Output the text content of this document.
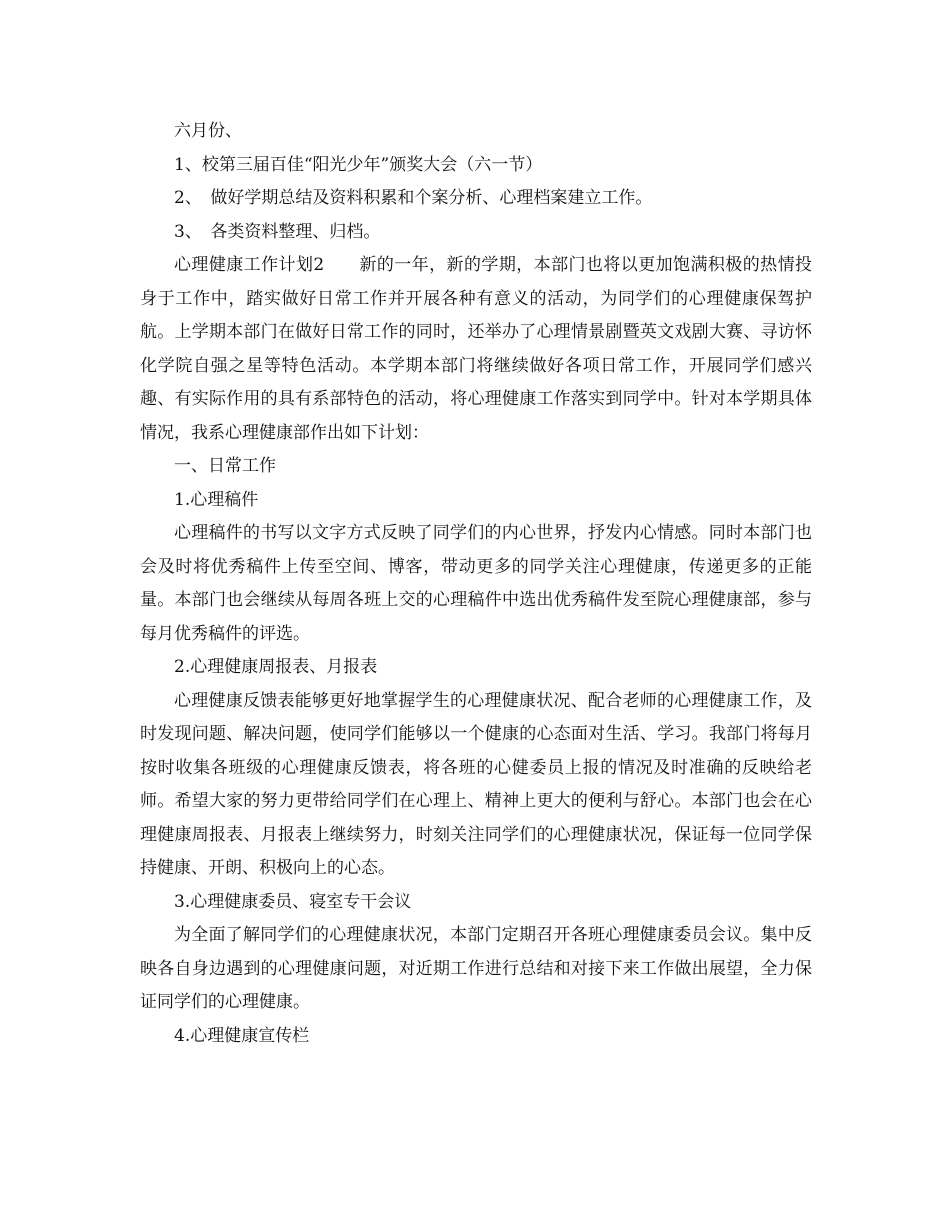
六月份、

1、校第三届百佳“阳光少年”颁奖大会（六一节）

2、　做好学期总结及资料积累和个案分析、心理档案建立工作。

3、　各类资料整理、归档。

心理健康工作计划2　　新的一年，新的学期，本部门也将以更加饱满积极的热情投身于工作中，踏实做好日常工作并开展各种有意义的活动，为同学们的心理健康保驾护航。上学期本部门在做好日常工作的同时，还举办了心理情景剧暨英文戏剧大赛、寻访怀化学院自强之星等特色活动。本学期本部门将继续做好各项日常工作，开展同学们感兴趣、有实际作用的具有系部特色的活动，将心理健康工作落实到同学中。针对本学期具体情况，我系心理健康部作出如下计划：

一、日常工作

1.心理稿件

心理稿件的书写以文字方式反映了同学们的内心世界，抒发内心情感。同时本部门也会及时将优秀稿件上传至空间、博客，带动更多的同学关注心理健康，传递更多的正能量。本部门也会继续从每周各班上交的心理稿件中选出优秀稿件发至院心理健康部，参与每月优秀稿件的评选。

2.心理健康周报表、月报表

心理健康反馈表能够更好地掌握学生的心理健康状况、配合老师的心理健康工作，及时发现问题、解决问题，使同学们能够以一个健康的心态面对生活、学习。我部门将每月按时收集各班级的心理健康反馈表，将各班的心健委员上报的情况及时准确的反映给老师。希望大家的努力更带给同学们在心理上、精神上更大的便利与舒心。本部门也会在心理健康周报表、月报表上继续努力，时刻关注同学们的心理健康状况，保证每一位同学保持健康、开朗、积极向上的心态。

3.心理健康委员、寝室专干会议

为全面了解同学们的心理健康状况，本部门定期召开各班心理健康委员会议。集中反映各自身边遇到的心理健康问题，对近期工作进行总结和对接下来工作做出展望，全力保证同学们的心理健康。

4.心理健康宣传栏
